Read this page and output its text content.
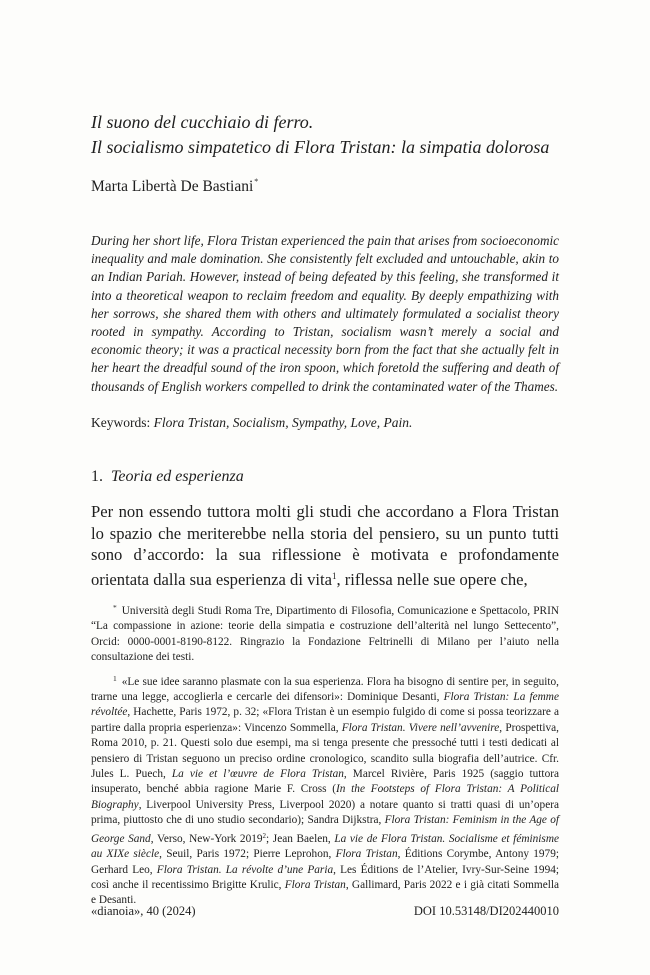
Il suono del cucchiaio di ferro.
Il socialismo simpatetico di Flora Tristan: la simpatia dolorosa
Marta Libertà De Bastiani*
During her short life, Flora Tristan experienced the pain that arises from socioeconomic inequality and male domination. She consistently felt excluded and untouchable, akin to an Indian Pariah. However, instead of being defeated by this feeling, she transformed it into a theoretical weapon to reclaim freedom and equality. By deeply empathizing with her sorrows, she shared them with others and ultimately formulated a socialist theory rooted in sympathy. According to Tristan, socialism wasn’t merely a social and economic theory; it was a practical necessity born from the fact that she actually felt in her heart the dreadful sound of the iron spoon, which foretold the suffering and death of thousands of English workers compelled to drink the contaminated water of the Thames.
Keywords: Flora Tristan, Socialism, Sympathy, Love, Pain.
1. Teoria ed esperienza
Per non essendo tuttora molti gli studi che accordano a Flora Tristan lo spazio che meriterebbe nella storia del pensiero, su un punto tutti sono d’accordo: la sua riflessione è motivata e profondamente orientata dalla sua esperienza di vita$^1$, riflessa nelle sue opere che,

* Università degli Studi Roma Tre, Dipartimento di Filosofia, Comunicazione e Spettacolo, PRIN “La compassione in azione: teorie della simpatia e costruzione dell’alterità nel lungo Settecento”, Orcid: 0000-0001-8190-8122. Ringrazio la Fondazione Feltrinelli di Milano per l’aiuto nella consultazione dei testi.

$^1$ «Le sue idee saranno plasmate con la sua esperienza. Flora ha bisogno di sentire per, in seguito, trarne una legge, accoglierla e cercarle dei difensori»: Dominique Desanti, Flora Tristan: La femme révoltée, Hachette, Paris 1972, p. 32; «Flora Tristan è un esempio fulgido di come si possa teorizzare a partire dalla propria esperienza»: Vincenzo Sommella, Flora Tristan. Vivere nell’avvenire, Prospettiva, Roma 2010, p. 21. Questi solo due esempi, ma si tenga presente che pressoché tutti i testi dedicati al pensiero di Tristan seguono un preciso ordine cronologico, scandito sulla biografia dell’autrice. Cfr. Jules L. Puech, La vie et l’œuvre de Flora Tristan, Marcel Rivière, Paris 1925 (saggio tuttora insuperato, benché abbia ragione Marie F. Cross (In the Footsteps of Flora Tristan: A Political Biography, Liverpool University Press, Liverpool 2020) a notare quanto si tratti quasi di un’opera prima, piuttosto che di uno studio secondario); Sandra Dijkstra, Flora Tristan: Feminism in the Age of George Sand, Verso, New-York 2019$^2$; Jean Baelen, La vie de Flora Tristan. Socialisme et féminisme au XIXe siècle, Seuil, Paris 1972; Pierre Leprohon, Flora Tristan, Éditions Corymbe, Antony 1979; Gerhard Leo, Flora Tristan. La révolte d’une Paria, Les Éditions de l’Atelier, Ivry-Sur-Seine 1994; così anche il recentissimo Brigitte Krulic, Flora Tristan, Gallimard, Paris 2022 e i già citati Sommella e Desanti.

«dianoia», 40 (2024)	DOI 10.53148/DI202440010
